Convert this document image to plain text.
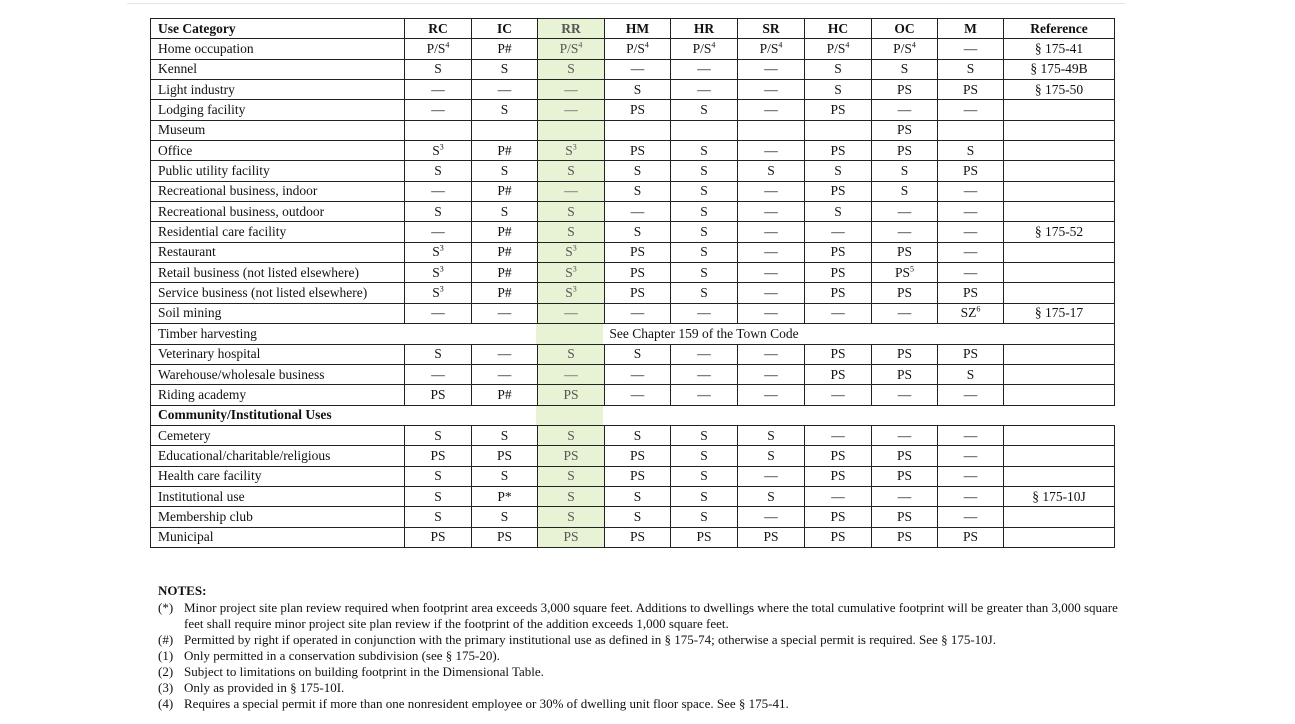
Use Category	RC	IC	RR	HM	HR	SR	HC	OC	M	Reference
Home occupation	$P/S^4$	P#	$P/S^4$	$P/S^4$	$P/S^4$	$P/S^4$	$P/S^4$	$P/S^4$	—	§ 175-41
Kennel	S	S	S	—	—	—	S	S	S	§ 175-49B
Light industry	—	—	—	S	—	—	S	PS	PS	§ 175-50
Lodging facility	—	S	—	PS	S	—	PS	—	—	
Museum								PS		
Office	$S^3$	P#	$S^3$	PS	S	—	PS	PS	S	
Public utility facility	S	S	S	S	S	S	S	S	PS	
Recreational business, indoor	—	P#	—	S	S	—	PS	S	—	
Recreational business, outdoor	S	S	S	—	S	—	S	—	—	
Residential care facility	—	P#	S	S	S	—	—	—	—	§ 175-52
Restaurant	$S^3$	P#	$S^3$	PS	S	—	PS	PS	—	
Retail business (not listed elsewhere)	$S^3$	P#	$S^3$	PS	S	—	PS	$PS^5$	—	
Service business (not listed elsewhere)	$S^3$	P#	$S^3$	PS	S	—	PS	PS	PS	
Soil mining	—	—	—	—	—	—	—	—	$SZ^6$	§ 175-17
Timber harvesting	See Chapter 159 of the Town Code									
Veterinary hospital	S	—	S	S	—	—	PS	PS	PS	
Warehouse/wholesale business	—	—	—	—	—	—	PS	PS	S	
Riding academy	PS	P#	PS	—	—	—	—	—	—	
Community/Institutional Uses										
Cemetery	S	S	S	S	S	S	—	—	—	
Educational/charitable/religious	PS	PS	PS	PS	S	S	PS	PS	—	
Health care facility	S	S	S	PS	S	—	PS	PS	—	
Institutional use	S	P*	S	S	S	S	—	—	—	§ 175-10J
Membership club	S	S	S	S	S	—	PS	PS	—	
Municipal	PS	PS	PS	PS	PS	PS	PS	PS	PS	
NOTES:
(*) Minor project site plan review required when footprint area exceeds 3,000 square feet. Additions to dwellings where the total cumulative footprint will be greater than 3,000 square feet shall require minor project site plan review if the footprint of the addition exceeds 1,000 square feet.
(#) Permitted by right if operated in conjunction with the primary institutional use as defined in § 175-74; otherwise a special permit is required. See § 175-10J.
(1) Only permitted in a conservation subdivision (see § 175-20).
(2) Subject to limitations on building footprint in the Dimensional Table.
(3) Only as provided in § 175-10I.
(4) Requires a special permit if more than one nonresident employee or 30% of dwelling unit floor space. See § 175-41.
